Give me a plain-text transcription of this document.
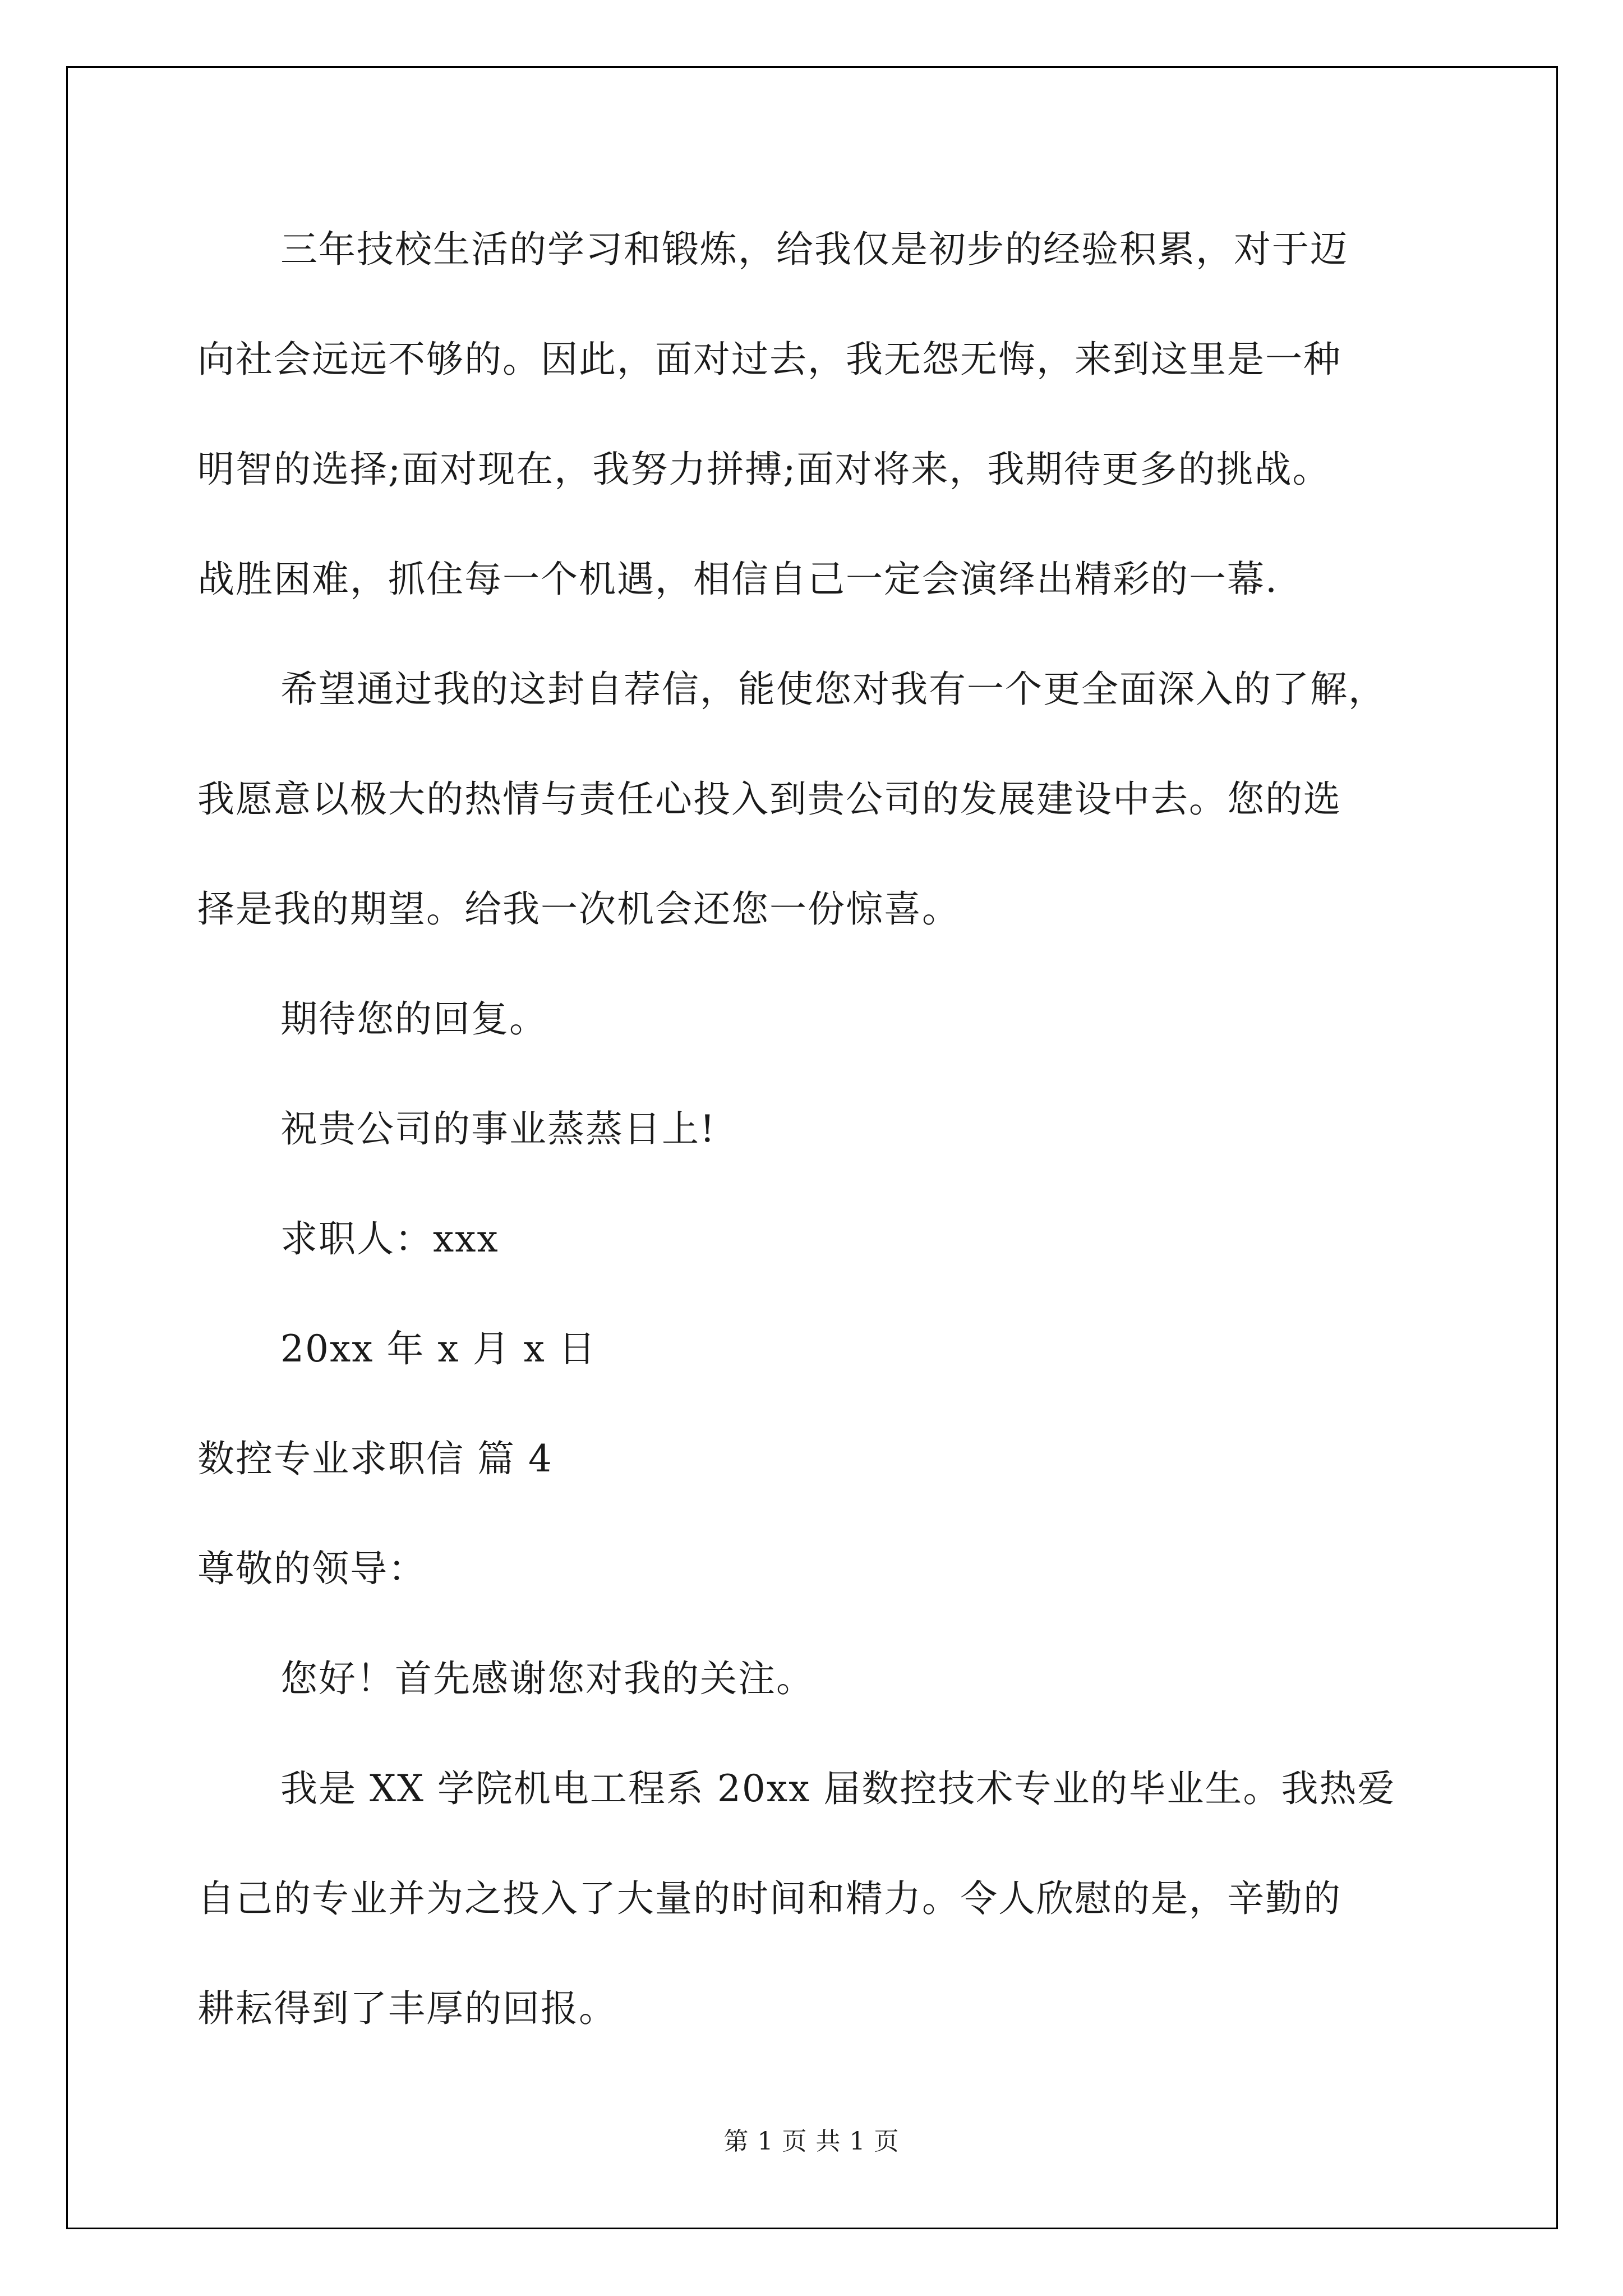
三年技校生活的学习和锻炼，给我仅是初步的经验积累，对于迈
向社会远远不够的。因此，面对过去，我无怨无悔，来到这里是一种
明智的选择;面对现在，我努力拼搏;面对将来，我期待更多的挑战。
战胜困难，抓住每一个机遇，相信自己一定会演绎出精彩的一幕.
希望通过我的这封自荐信，能使您对我有一个更全面深入的了解，
我愿意以极大的热情与责任心投入到贵公司的发展建设中去。您的选
择是我的期望。给我一次机会还您一份惊喜。
期待您的回复。
祝贵公司的事业蒸蒸日上!
求职人：xxx
20xx 年 x 月 x 日
数控专业求职信 篇 4
尊敬的领导：
您好！首先感谢您对我的关注。
我是 XX 学院机电工程系 20xx 届数控技术专业的毕业生。我热爱
自己的专业并为之投入了大量的时间和精力。令人欣慰的是，辛勤的
耕耘得到了丰厚的回报。
第 1 页 共 1 页
